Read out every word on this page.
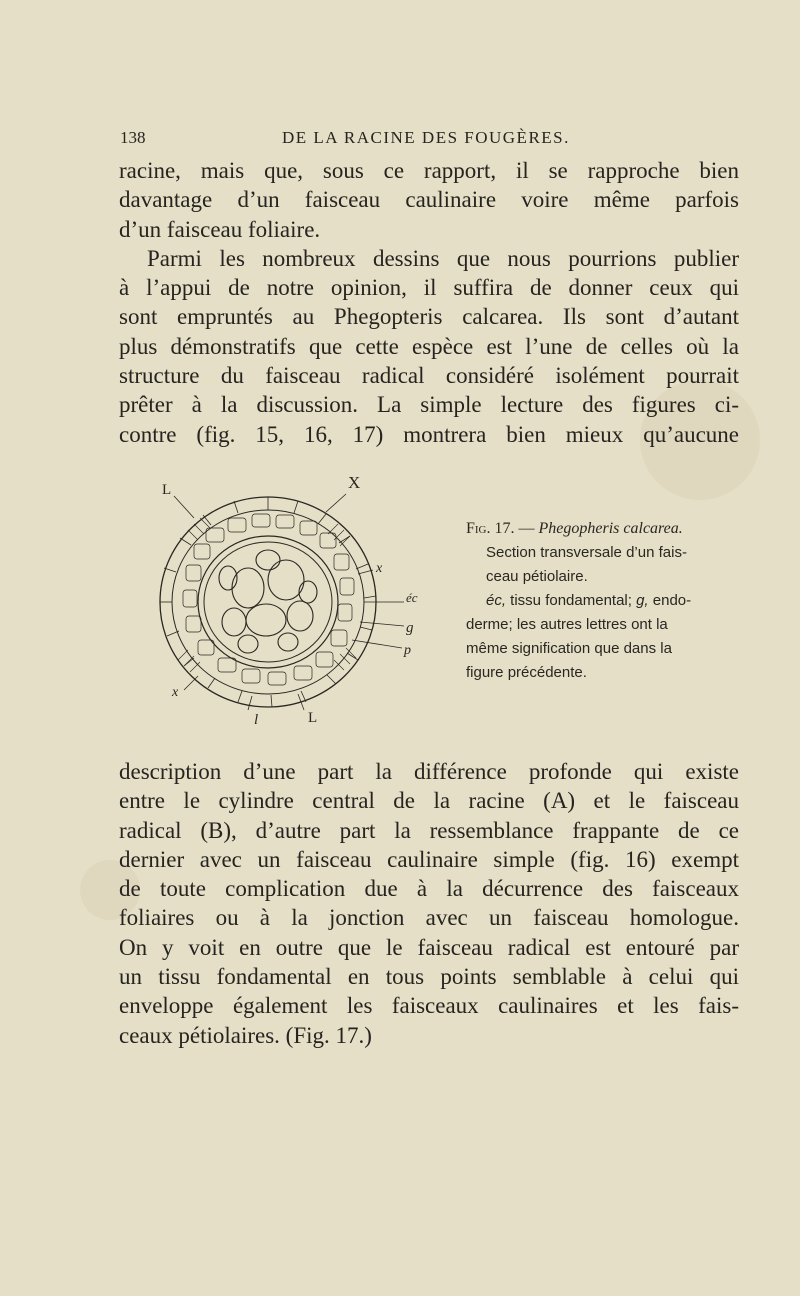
138	DE LA RACINE DES FOUGÈRES.
racine, mais que, sous ce rapport, il se rapproche bien
davantage d’un faisceau caulinaire voire même parfois
d’un faisceau foliaire.
Parmi les nombreux dessins que nous pourrions publier
à l’appui de notre opinion, il suffira de donner ceux qui
sont empruntés au Phegopteris calcarea. Ils sont d’autant
plus démonstratifs que cette espèce est l’une de celles où la
structure du faisceau radical considéré isolément pourrait
prêter à la discussion. La simple lecture des figures ci-
contre (fig. 15, 16, 17) montrera bien mieux qu’aucune
L	X
x
éc
g
p
x
l	L

Fig. 17. — Phegopheris calcarea.

Section transversale d’un fais-

ceau pétiolaire.

éc, tissu fondamental; g, endo-

derme; les autres lettres ont la

même signification que dans la

figure précédente.

description d’une part la différence profonde qui existe
entre le cylindre central de la racine (A) et le faisceau
radical (B), d’autre part la ressemblance frappante de ce
dernier avec un faisceau caulinaire simple (fig. 16) exempt
de toute complication due à la décurrence des faisceaux
foliaires ou à la jonction avec un faisceau homologue.
On y voit en outre que le faisceau radical est entouré par
un tissu fondamental en tous points semblable à celui qui
enveloppe également les faisceaux caulinaires et les fais-
ceaux pétiolaires. (Fig. 17.)
